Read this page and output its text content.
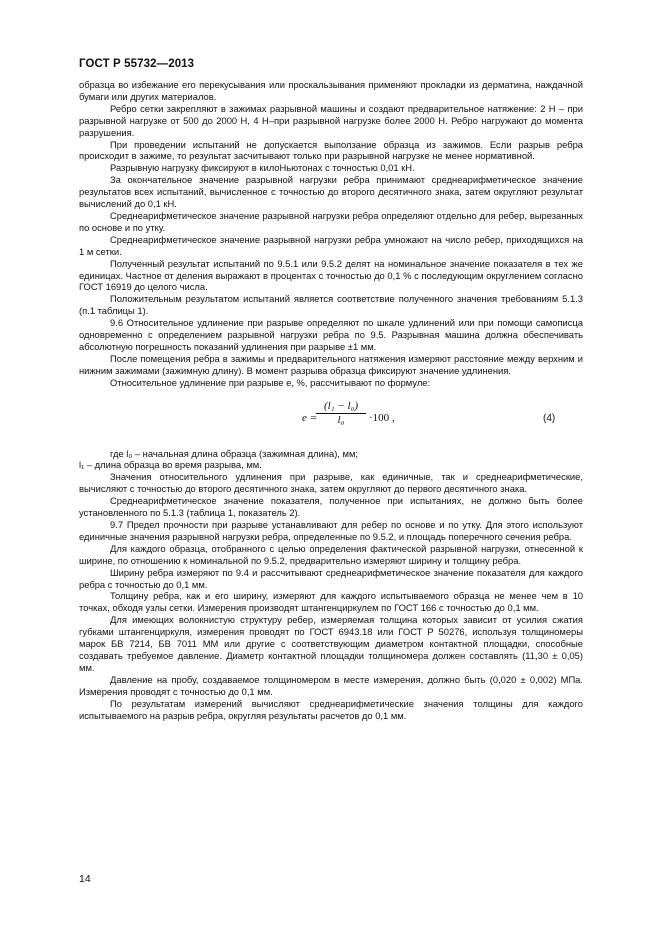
ГОСТ Р 55732—2013

образца во избежание его перекусывания или проскальзывания применяют прокладки из дерматина, наждачной бумаги или других материалов.

Ребро сетки закрепляют в зажимах разрывной машины и создают предварительное натяжение: 2 Н – при разрывной нагрузке от 500 до 2000 Н, 4 Н–при разрывной нагрузке более 2000 Н. Ребро нагружают до момента разрушения.

При проведении испытаний не допускается выползание образца из зажимов. Если разрыв ребра происходит в зажиме, то результат засчитывают только при разрывной нагрузке не менее нормативной.

Разрывную нагрузку фиксируют в килоНьютонах с точностью 0,01 кН.

За окончательное значение разрывной нагрузки ребра принимают среднеарифметическое значение результатов всех испытаний, вычисленное с точностью до второго десятичного знака, затем округляют результат вычислений до 0,1 кН.

Среднеарифметическое значение разрывной нагрузки ребра определяют отдельно для ребер, вырезанных по основе и по утку.

Среднеарифметическое значение разрывной нагрузки ребра умножают на число ребер, приходящихся на 1 м сетки.

Полученный результат испытаний по 9.5.1 или 9.5.2 делят на номинальное значение показателя в тех же единицах. Частное от деления выражают в процентах с точностью до 0,1 % с последующим округлением согласно ГОСТ 16919 до целого числа.

Положительным результатом испытаний является соответствие полученного значения требованиям 5.1.3 (п.1 таблицы 1).

9.6 Относительное удлинение при разрыве определяют по шкале удлинений или при помощи самописца одновременно с определением разрывной нагрузки ребра по 9.5. Разрывная машина должна обеспечивать абсолютную погрешность показаний удлинения при разрыве ±1 мм.

После помещения ребра в зажимы и предварительного натяжения измеряют расстояние между верхним и нижним зажимами (зажимную длину). В момент разрыва образца фиксируют значение удлинения.

Относительное удлинение при разрыве e, %, рассчитывают по формуле:

e =
$\frac{\text{(l₁ − l₀)}}{\text{l₀}} \cdot 100$ ,	(4)

где l₀ – начальная длина образца (зажимная длина), мм;

l₁ – длина образца во время разрыва, мм.

Значения относительного удлинения при разрыве, как единичные, так и среднеарифметические, вычисляют с точностью до второго десятичного знака, затем округляют до первого десятичного знака.

Среднеарифметическое значение показателя, полученное при испытаниях, не должно быть более установленного по 5.1.3 (таблица 1, показатель 2).

9.7 Предел прочности при разрыве устанавливают для ребер по основе и по утку. Для этого используют единичные значения разрывной нагрузки ребра, определенные по 9.5.2, и площадь поперечного сечения ребра.

Для каждого образца, отобранного с целью определения фактической разрывной нагрузки, отнесенной к ширине, по отношению к номинальной по 9.5.2, предварительно измеряют ширину и толщину ребра.

Ширину ребра измеряют по 9.4 и рассчитывают среднеарифметическое значение показателя для каждого ребра с точностью до 0,1 мм.

Толщину ребра, как и его ширину, измеряют для каждого испытываемого образца не менее чем в 10 точках, обходя узлы сетки. Измерения производят штангенциркулем по ГОСТ 166 с точностью до 0,1 мм.

Для имеющих волокнистую структуру ребер, измеряемая толщина которых зависит от усилия сжатия губками штангенциркуля, измерения проводят по ГОСТ 6943.18 или ГОСТ Р 50276, используя толщиномеры марок БВ 7214, БВ 7011 ММ или другие с соответствующим диаметром контактной площадки, способные создавать требуемое давление. Диаметр контактной площадки толщиномера должен составлять (11,30 ± 0,05) мм.

Давление на пробу, создаваемое толщиномером в месте измерения, должно быть (0,020 ± 0,002) МПа. Измерения проводят с точностью до 0,1 мм.

По результатам измерений вычисляют среднеарифметические значения толщины для каждого испытываемого на разрыв ребра, округляя результаты расчетов до 0,1 мм.

14
